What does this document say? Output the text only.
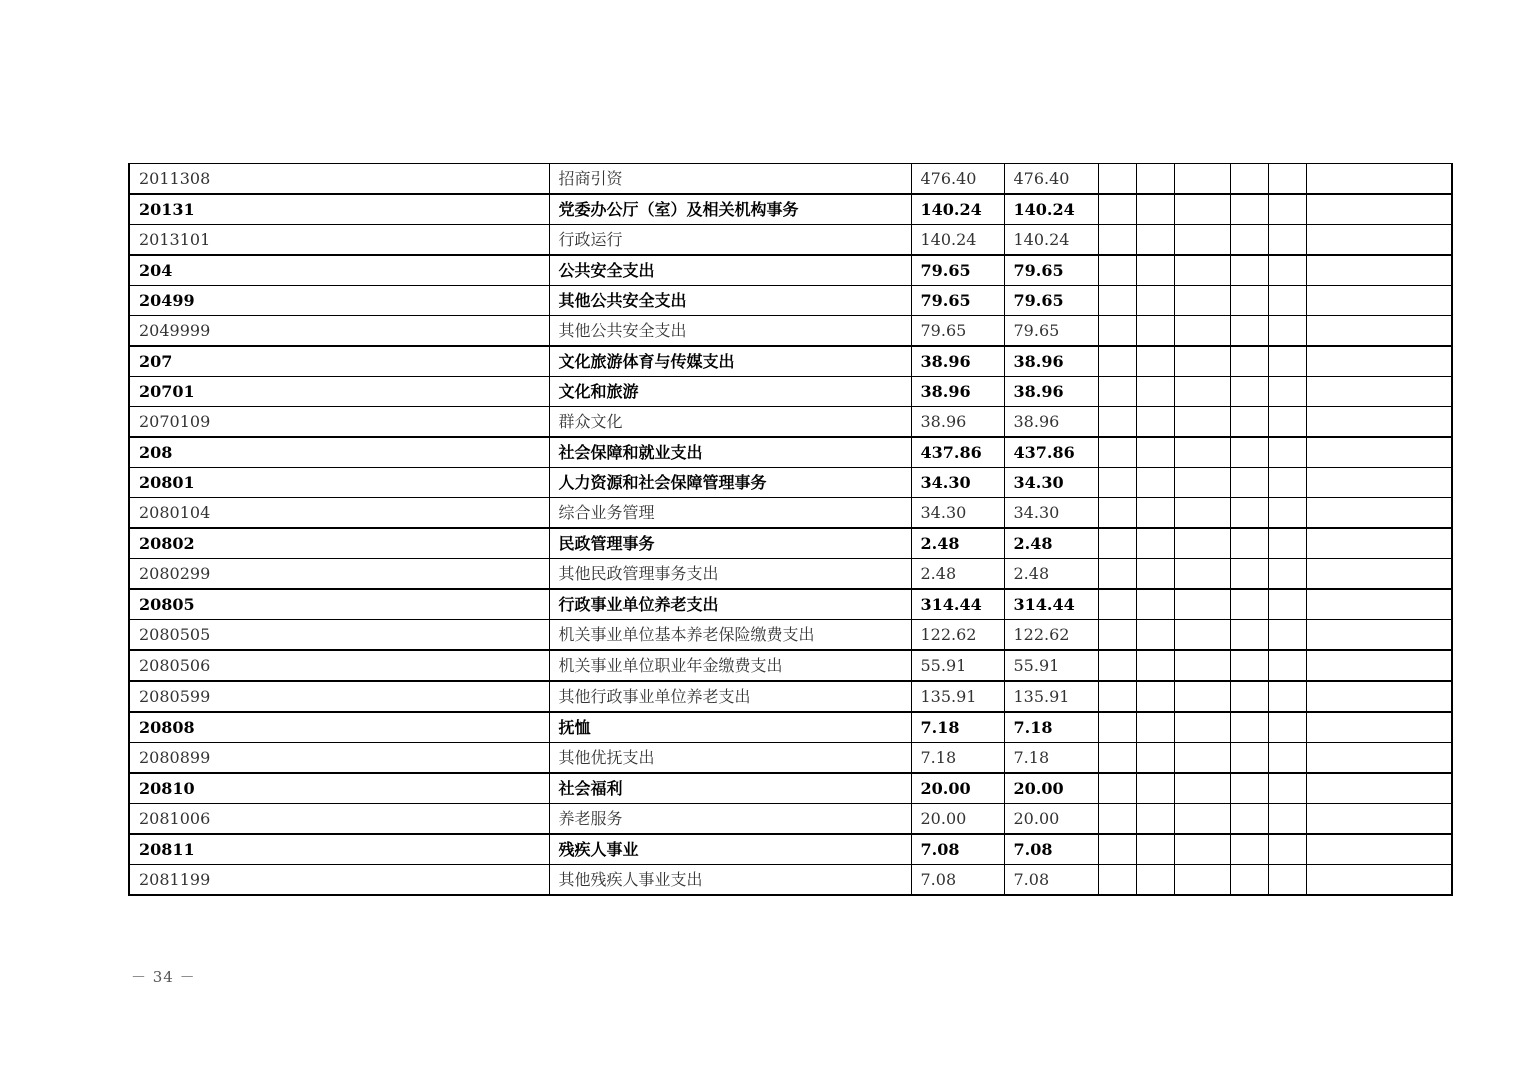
2011308	招商引资	476.40	476.40						
20131	党委办公厅（室）及相关机构事务	140.24	140.24						
2013101	行政运行	140.24	140.24						
204	公共安全支出	79.65	79.65						
20499	其他公共安全支出	79.65	79.65						
2049999	其他公共安全支出	79.65	79.65						
207	文化旅游体育与传媒支出	38.96	38.96						
20701	文化和旅游	38.96	38.96						
2070109	群众文化	38.96	38.96						
208	社会保障和就业支出	437.86	437.86						
20801	人力资源和社会保障管理事务	34.30	34.30						
2080104	综合业务管理	34.30	34.30						
20802	民政管理事务	2.48	2.48						
2080299	其他民政管理事务支出	2.48	2.48						
20805	行政事业单位养老支出	314.44	314.44						
2080505	机关事业单位基本养老保险缴费支出	122.62	122.62						
2080506	机关事业单位职业年金缴费支出	55.91	55.91						
2080599	其他行政事业单位养老支出	135.91	135.91						
20808	抚恤	7.18	7.18						
2080899	其他优抚支出	7.18	7.18						
20810	社会福利	20.00	20.00						
2081006	养老服务	20.00	20.00						
20811	残疾人事业	7.08	7.08						
2081199	其他残疾人事业支出	7.08	7.08						
－ 34 －
